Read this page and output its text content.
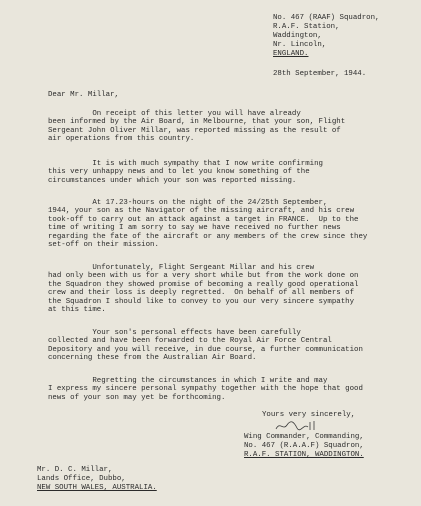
No. 467 (RAAF) Squadron,
R.A.F. Station,
Waddington,
Nr. Lincoln,
ENGLAND.
28th September, 1944.
Dear Mr. Millar,
On receipt of this letter you will have already
been informed by the Air Board, in Melbourne, that your son, Flight
Sergeant John Oliver Millar, was reported missing as the result of
air operations from this country.
It is with much sympathy that I now write confirming
this very unhappy news and to let you know something of the
circumstances under which your son was reported missing.
At 17.23-hours on the night of the 24/25th September,
1944, your son as the Navigator of the missing aircraft, and his crew
took-off to carry out an attack against a target in FRANCE.  Up to the
time of writing I am sorry to say we have received no further news
regarding the fate of the aircraft or any members of the crew since they
set-off on their mission.
Unfortunately, Flight Sergeant Millar and his crew
had only been with us for a very short while but from the work done on
the Squadron they showed promise of becoming a really good operational
crew and their loss is deeply regretted.  On behalf of all members of
the Squadron I should like to convey to you our very sincere sympathy
at this time.
Your son's personal effects have been carefully
collected and have been forwarded to the Royal Air Force Central
Depository and you will receive, in due course, a further communication
concerning these from the Australian Air Board.
Regretting the circumstances in which I write and may
I express my sincere personal sympathy together with the hope that good
news of your son may yet be forthcoming.
Yours very sincerely,
Wing Commander, Commanding,
No. 467 (R.A.A.F) Squadron,
R.A.F. STATION, WADDINGTON.
Mr. D. C. Millar,
Lands Office, Dubbo,
NEW SOUTH WALES, AUSTRALIA.
